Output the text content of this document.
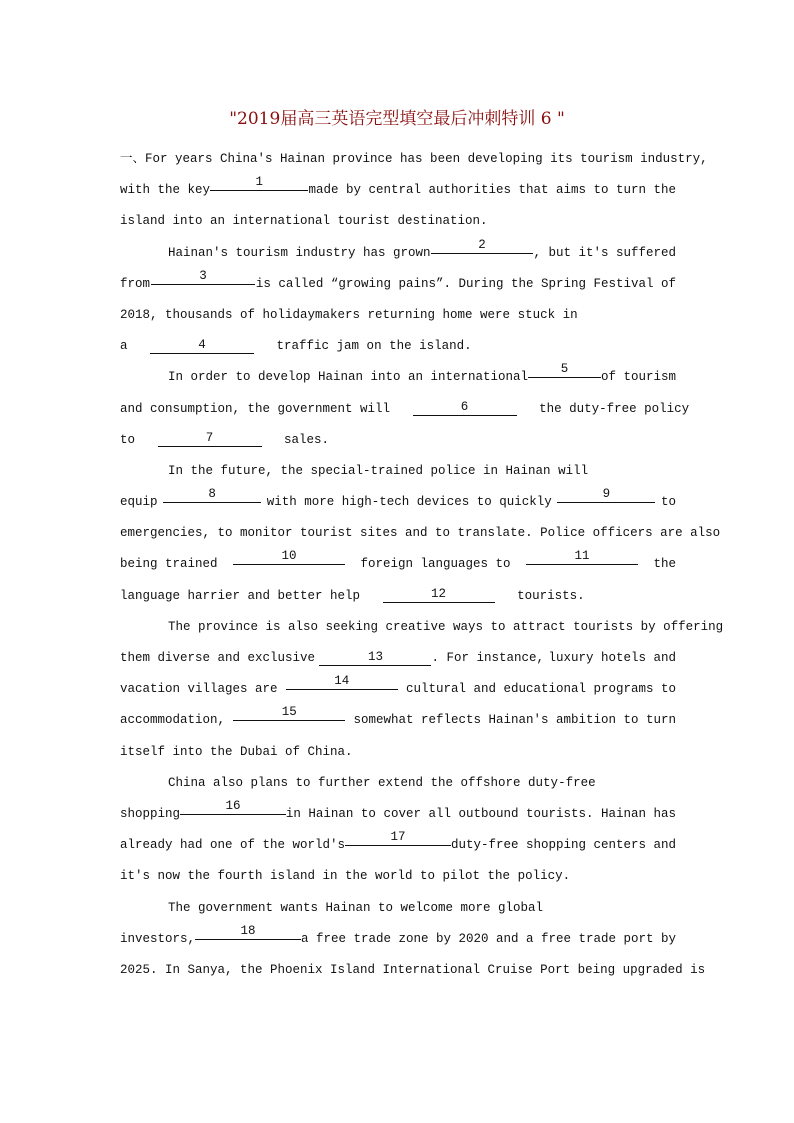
"2019届高三英语完型填空最后冲刺特训 6 "
一、 For years China's Hainan province has been developing its tourism industry,
with the key
1
made by central authorities that aims to turn the
island into an international tourist destination.
Hainan's tourism industry has grown
2
, but it's suffered
from
3
is called “growing pains”. During the Spring Festival of
2018, thousands of holidaymakers returning home were stuck in
a	4	traffic jam on the island.
In order to develop Hainan into an international
5
of tourism
and consumption, the government will	6	the duty-free policy
to	7	sales.
In the future, the special-trained police in Hainan will
equip
8
with more high-tech devices to quickly
9
to
emergencies, to monitor tourist sites and to translate. Police officers are also
being trained
10
foreign languages to
11
the
language harrier and better help	12	tourists.
The province is also seeking creative ways to attract tourists by offering
them diverse and exclusive	13	. For instance, luxury hotels and
vacation villages are
14
cultural and educational programs to
accommodation,
15
somewhat reflects Hainan's ambition to turn
itself into the Dubai of China.
China also plans to further extend the offshore duty-free
shopping
16
in Hainan to cover all outbound tourists. Hainan has
already had one of the world's
17
duty-free shopping centers and
it's now the fourth island in the world to pilot the policy.
The government wants Hainan to welcome more global
investors,
18
a free trade zone by 2020 and a free trade port by
2025. In Sanya, the Phoenix Island International Cruise Port being upgraded is
